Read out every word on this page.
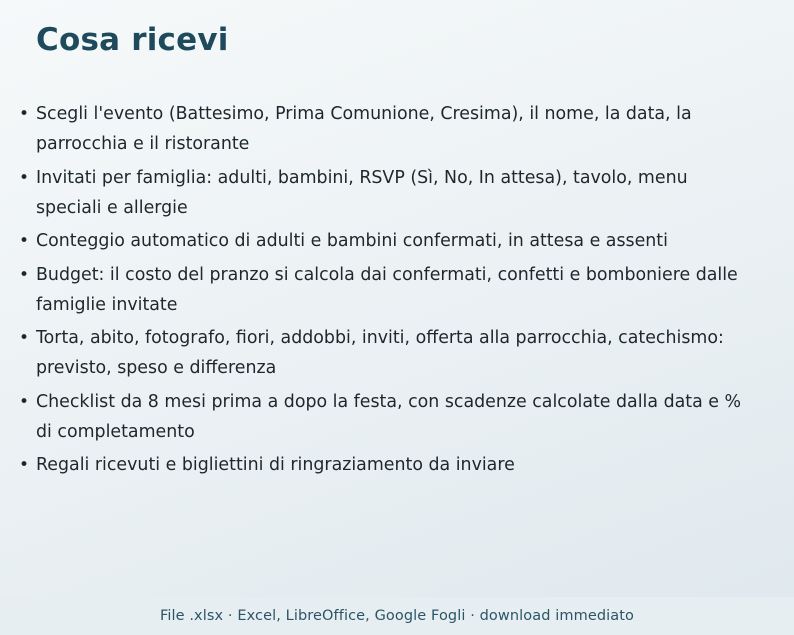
Cosa ricevi
• Scegli l'evento (Battesimo, Prima Comunione, Cresima), il nome, la data, la parrocchia e il ristorante
• Invitati per famiglia: adulti, bambini, RSVP (Sì, No, In attesa), tavolo, menu speciali e allergie
• Conteggio automatico di adulti e bambini confermati, in attesa e assenti
• Budget: il costo del pranzo si calcola dai confermati, confetti e bomboniere dalle famiglie invitate
• Torta, abito, fotografo, fiori, addobbi, inviti, offerta alla parrocchia, catechismo: previsto, speso e differenza
• Checklist da 8 mesi prima a dopo la festa, con scadenze calcolate dalla data e % di completamento
• Regali ricevuti e bigliettini di ringraziamento da inviare
File .xlsx · Excel, LibreOffice, Google Fogli · download immediato
